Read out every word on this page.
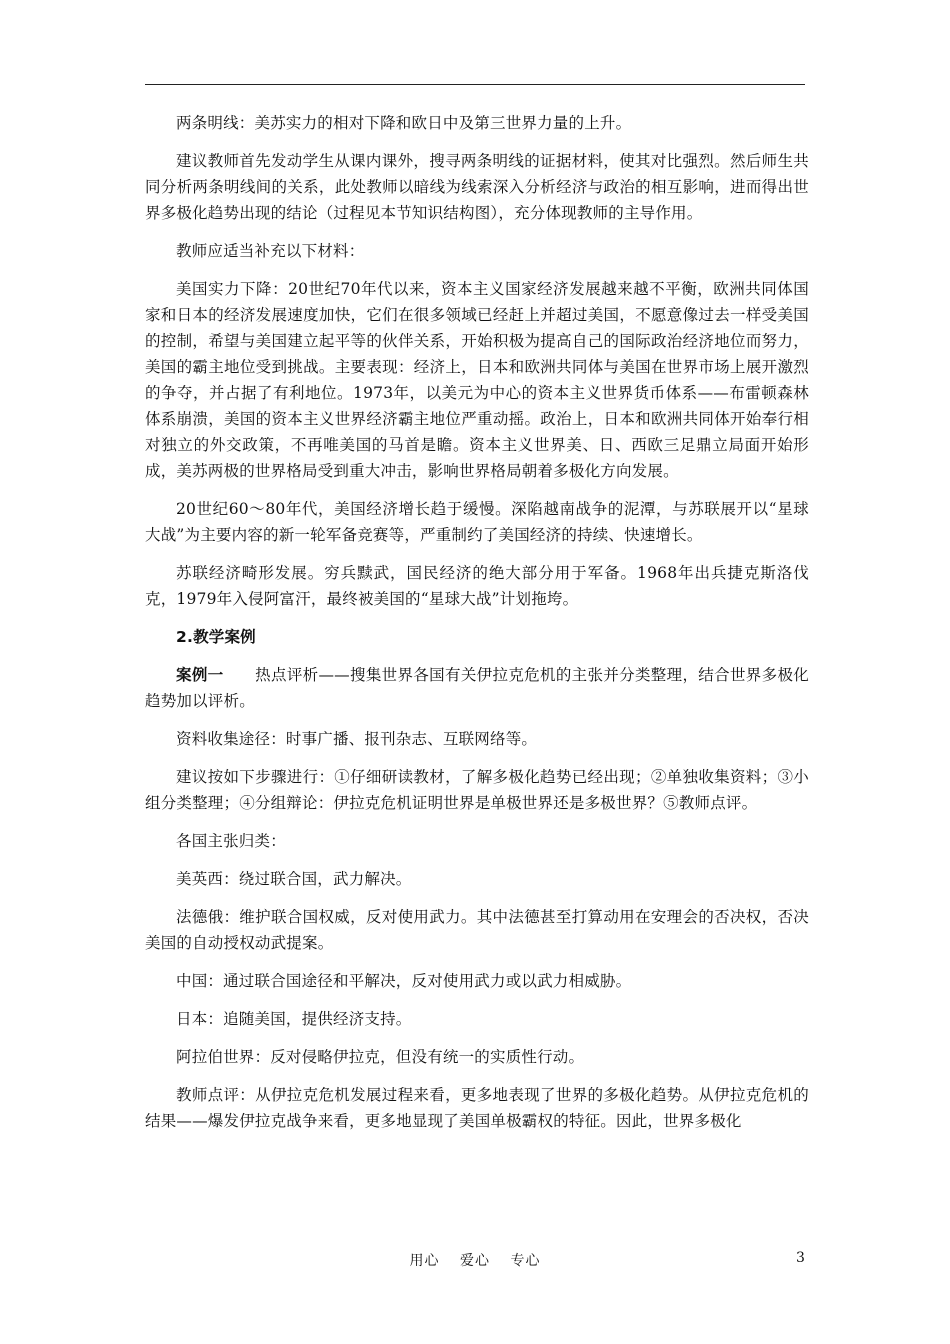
两条明线：美苏实力的相对下降和欧日中及第三世界力量的上升。

建议教师首先发动学生从课内课外，搜寻两条明线的证据材料，使其对比强烈。然后师生共同分析两条明线间的关系，此处教师以暗线为线索深入分析经济与政治的相互影响，进而得出世界多极化趋势出现的结论（过程见本节知识结构图），充分体现教师的主导作用。

教师应适当补充以下材料：

美国实力下降：20世纪70年代以来，资本主义国家经济发展越来越不平衡，欧洲共同体国家和日本的经济发展速度加快，它们在很多领域已经赶上并超过美国，不愿意像过去一样受美国的控制，希望与美国建立起平等的伙伴关系，开始积极为提高自己的国际政治经济地位而努力，美国的霸主地位受到挑战。主要表现：经济上，日本和欧洲共同体与美国在世界市场上展开激烈的争夺，并占据了有利地位。1973年，以美元为中心的资本主义世界货币体系——布雷顿森林体系崩溃，美国的资本主义世界经济霸主地位严重动摇。政治上，日本和欧洲共同体开始奉行相对独立的外交政策，不再唯美国的马首是瞻。资本主义世界美、日、西欧三足鼎立局面开始形成，美苏两极的世界格局受到重大冲击，影响世界格局朝着多极化方向发展。

20世纪60～80年代，美国经济增长趋于缓慢。深陷越南战争的泥潭，与苏联展开以“星球大战”为主要内容的新一轮军备竞赛等，严重制约了美国经济的持续、快速增长。

苏联经济畸形发展。穷兵黩武，国民经济的绝大部分用于军备。1968年出兵捷克斯洛伐克，1979年入侵阿富汗，最终被美国的“星球大战”计划拖垮。

2.教学案例

案例一　　热点评析——搜集世界各国有关伊拉克危机的主张并分类整理，结合世界多极化趋势加以评析。

资料收集途径：时事广播、报刊杂志、互联网络等。

建议按如下步骤进行：①仔细研读教材，了解多极化趋势已经出现；②单独收集资料；③小组分类整理；④分组辩论：伊拉克危机证明世界是单极世界还是多极世界？⑤教师点评。

各国主张归类：

美英西：绕过联合国，武力解决。

法德俄：维护联合国权威，反对使用武力。其中法德甚至打算动用在安理会的否决权，否决美国的自动授权动武提案。

中国：通过联合国途径和平解决，反对使用武力或以武力相威胁。

日本：追随美国，提供经济支持。

阿拉伯世界：反对侵略伊拉克，但没有统一的实质性行动。

教师点评：从伊拉克危机发展过程来看，更多地表现了世界的多极化趋势。从伊拉克危机的结果——爆发伊拉克战争来看，更多地显现了美国单极霸权的特征。因此，世界多极化

用心　 爱心　 专心	3
